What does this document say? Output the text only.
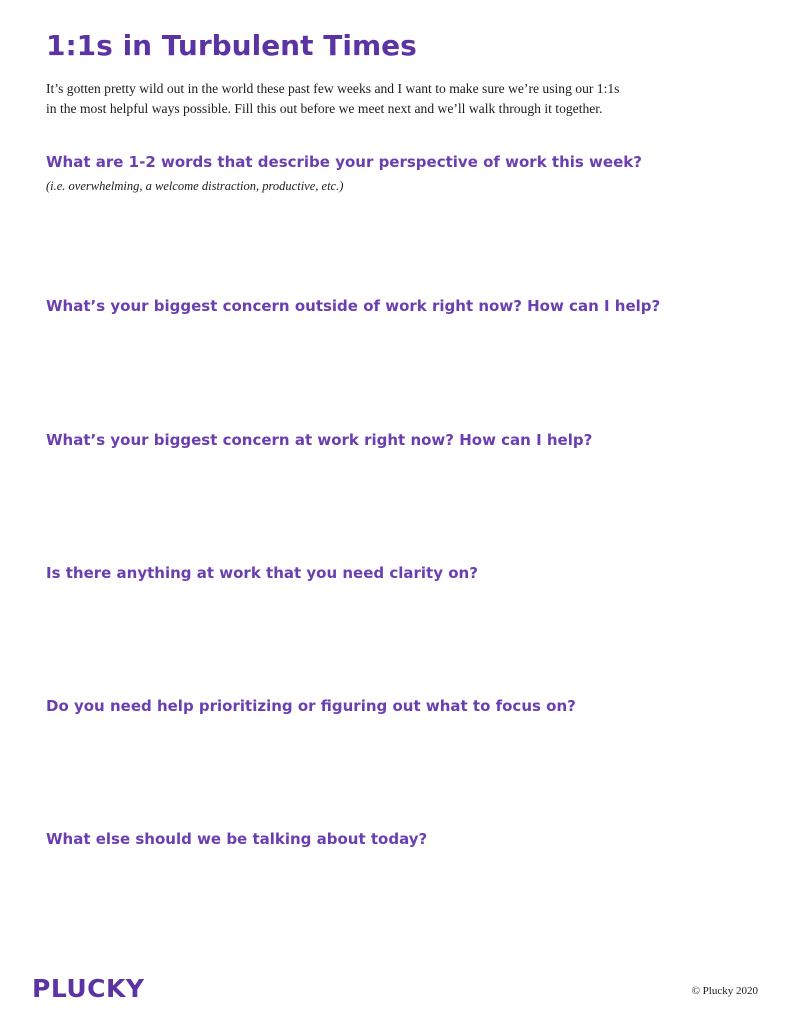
1:1s in Turbulent Times

It’s gotten pretty wild out in the world these past few weeks and I want to make sure we’re using our 1:1s
in the most helpful ways possible. Fill this out before we meet next and we’ll walk through it together.

What are 1-2 words that describe your perspective of work this week?

(i.e. overwhelming, a welcome distraction, productive, etc.)

What’s your biggest concern outside of work right now? How can I help?
What’s your biggest concern at work right now? How can I help?
Is there anything at work that you need clarity on?
Do you need help prioritizing or figuring out what to focus on?
What else should we be talking about today?
PLUCKY	© Plucky 2020
